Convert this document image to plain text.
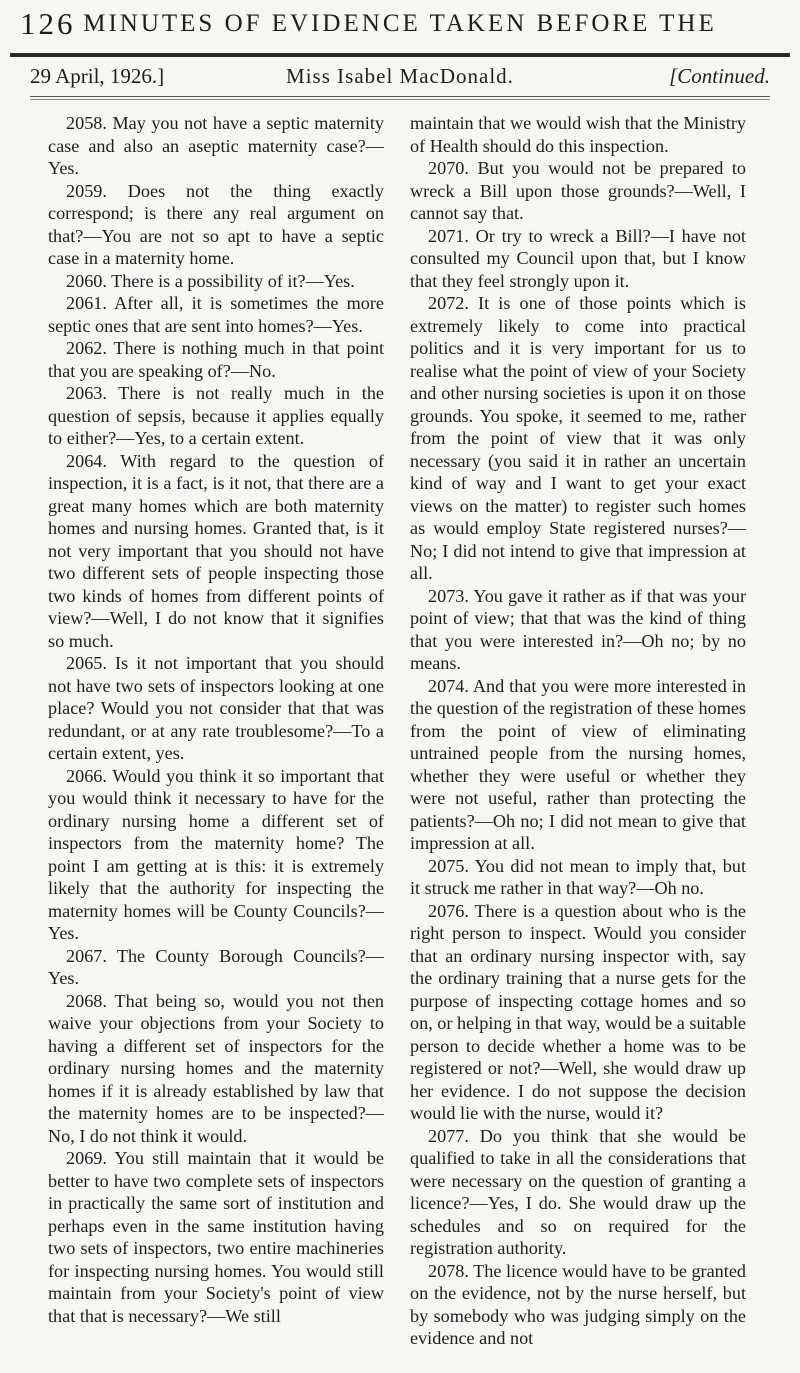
126 MINUTES OF EVIDENCE TAKEN BEFORE THE
29 April, 1926.]	Miss Isabel MacDonald.	[Continued.

2058. May you not have a septic maternity case and also an aseptic maternity case?—Yes.

2059. Does not the thing exactly correspond; is there any real argument on that?—You are not so apt to have a septic case in a maternity home.

2060. There is a possibility of it?—Yes.

2061. After all, it is sometimes the more septic ones that are sent into homes?—Yes.

2062. There is nothing much in that point that you are speaking of?—No.

2063. There is not really much in the question of sepsis, because it applies equally to either?—Yes, to a certain extent.

2064. With regard to the question of inspection, it is a fact, is it not, that there are a great many homes which are both maternity homes and nursing homes. Granted that, is it not very important that you should not have two different sets of people inspecting those two kinds of homes from different points of view?—Well, I do not know that it signifies so much.

2065. Is it not important that you should not have two sets of inspectors looking at one place? Would you not consider that that was redundant, or at any rate troublesome?—To a certain extent, yes.

2066. Would you think it so important that you would think it necessary to have for the ordinary nursing home a different set of inspectors from the maternity home? The point I am getting at is this: it is extremely likely that the authority for inspecting the maternity homes will be County Councils?—Yes.

2067. The County Borough Councils?—Yes.

2068. That being so, would you not then waive your objections from your Society to having a different set of inspectors for the ordinary nursing homes and the maternity homes if it is already established by law that the maternity homes are to be inspected?—No, I do not think it would.

2069. You still maintain that it would be better to have two complete sets of inspectors in practically the same sort of institution and perhaps even in the same institution having two sets of inspectors, two entire machineries for inspecting nursing homes. You would still maintain from your Society's point of view that that is necessary?—We still

maintain that we would wish that the Ministry of Health should do this inspection.

2070. But you would not be prepared to wreck a Bill upon those grounds?—Well, I cannot say that.

2071. Or try to wreck a Bill?—I have not consulted my Council upon that, but I know that they feel strongly upon it.

2072. It is one of those points which is extremely likely to come into practical politics and it is very important for us to realise what the point of view of your Society and other nursing societies is upon it on those grounds. You spoke, it seemed to me, rather from the point of view that it was only necessary (you said it in rather an uncertain kind of way and I want to get your exact views on the matter) to register such homes as would employ State registered nurses?—No; I did not intend to give that impression at all.

2073. You gave it rather as if that was your point of view; that that was the kind of thing that you were interested in?—Oh no; by no means.

2074. And that you were more interested in the question of the registration of these homes from the point of view of eliminating untrained people from the nursing homes, whether they were useful or whether they were not useful, rather than protecting the patients?—Oh no; I did not mean to give that impression at all.

2075. You did not mean to imply that, but it struck me rather in that way?—Oh no.

2076. There is a question about who is the right person to inspect. Would you consider that an ordinary nursing inspector with, say the ordinary training that a nurse gets for the purpose of inspecting cottage homes and so on, or helping in that way, would be a suitable person to decide whether a home was to be registered or not?—Well, she would draw up her evidence. I do not suppose the decision would lie with the nurse, would it?

2077. Do you think that she would be qualified to take in all the considerations that were necessary on the question of granting a licence?—Yes, I do. She would draw up the schedules and so on required for the registration authority.

2078. The licence would have to be granted on the evidence, not by the nurse herself, but by somebody who was judging simply on the evidence and not
